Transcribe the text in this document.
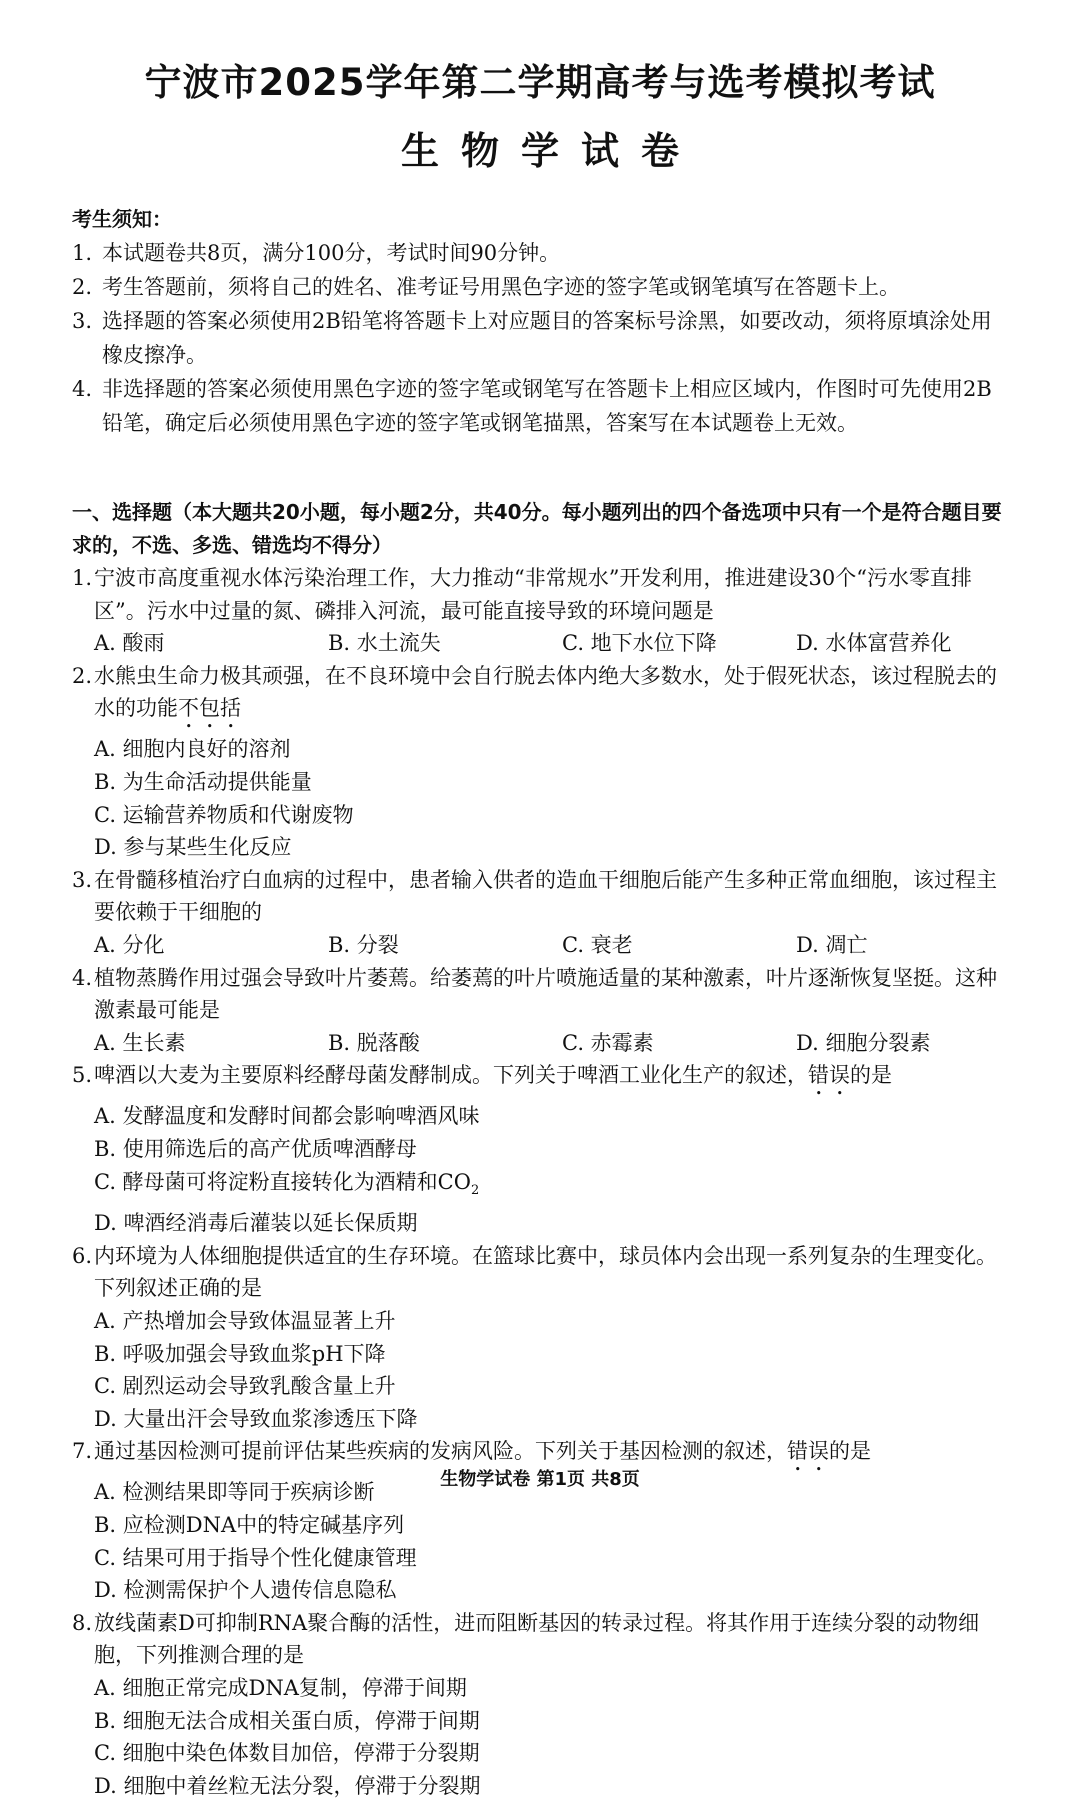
宁波市2025学年第二学期高考与选考模拟考试
生物学试卷
考生须知：
1. 本试题卷共8页，满分100分，考试时间90分钟。
2. 考生答题前，须将自己的姓名、准考证号用黑色字迹的签字笔或钢笔填写在答题卡上。
3. 选择题的答案必须使用2B铅笔将答题卡上对应题目的答案标号涂黑，如要改动，须将原填涂处用橡皮擦净。
4. 非选择题的答案必须使用黑色字迹的签字笔或钢笔写在答题卡上相应区域内，作图时可先使用2B铅笔，确定后必须使用黑色字迹的签字笔或钢笔描黑，答案写在本试题卷上无效。
一、选择题（本大题共20小题，每小题2分，共40分。每小题列出的四个备选项中只有一个是符合题目要求的，不选、多选、错选均不得分）
1. 宁波市高度重视水体污染治理工作，大力推动“非常规水”开发利用，推进建设30个“污水零直排区”。污水中过量的氮、磷排入河流，最可能直接导致的环境问题是
A. 酸雨	B. 水土流失	C. 地下水位下降	D. 水体富营养化
2. 水熊虫生命力极其顽强，在不良环境中会自行脱去体内绝大多数水，处于假死状态，该过程脱去的水的功能不包括
A. 细胞内良好的溶剂
B. 为生命活动提供能量
C. 运输营养物质和代谢废物
D. 参与某些生化反应
3. 在骨髓移植治疗白血病的过程中，患者输入供者的造血干细胞后能产生多种正常血细胞，该过程主要依赖于干细胞的
A. 分化	B. 分裂	C. 衰老	D. 凋亡
4. 植物蒸腾作用过强会导致叶片萎蔫。给萎蔫的叶片喷施适量的某种激素，叶片逐渐恢复坚挺。这种激素最可能是
A. 生长素	B. 脱落酸	C. 赤霉素	D. 细胞分裂素
5. 啤酒以大麦为主要原料经酵母菌发酵制成。下列关于啤酒工业化生产的叙述，错误的是
A. 发酵温度和发酵时间都会影响啤酒风味
B. 使用筛选后的高产优质啤酒酵母
C. 酵母菌可将淀粉直接转化为酒精和$CO_2$
D. 啤酒经消毒后灌装以延长保质期
6. 内环境为人体细胞提供适宜的生存环境。在篮球比赛中，球员体内会出现一系列复杂的生理变化。下列叙述正确的是
A. 产热增加会导致体温显著上升
B. 呼吸加强会导致血浆pH下降
C. 剧烈运动会导致乳酸含量上升
D. 大量出汗会导致血浆渗透压下降
7. 通过基因检测可提前评估某些疾病的发病风险。下列关于基因检测的叙述，错误的是
A. 检测结果即等同于疾病诊断
B. 应检测DNA中的特定碱基序列
C. 结果可用于指导个性化健康管理
D. 检测需保护个人遗传信息隐私
8. 放线菌素D可抑制RNA聚合酶的活性，进而阻断基因的转录过程。将其作用于连续分裂的动物细胞，下列推测合理的是
A. 细胞正常完成DNA复制，停滞于间期
B. 细胞无法合成相关蛋白质，停滞于间期
C. 细胞中染色体数目加倍，停滞于分裂期
D. 细胞中着丝粒无法分裂，停滞于分裂期
生物学试卷 第1页 共8页
